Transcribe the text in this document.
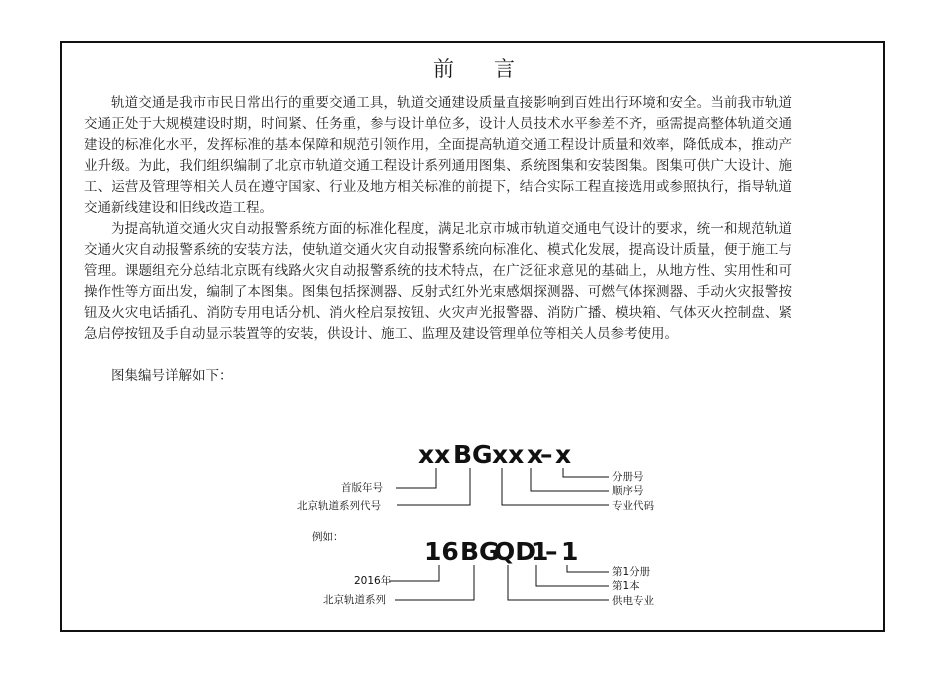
前 言

轨道交通是我市市民日常出行的重要交通工具，轨道交通建设质量直接影响到百姓出行环境和安全。当前我市轨道交通正处于大规模建设时期，时间紧、任务重，参与设计单位多，设计人员技术水平参差不齐，亟需提高整体轨道交通建设的标准化水平，发挥标准的基本保障和规范引领作用，全面提高轨道交通工程设计质量和效率，降低成本，推动产业升级。为此，我们组织编制了北京市轨道交通工程设计系列通用图集、系统图集和安装图集。图集可供广大设计、施工、运营及管理等相关人员在遵守国家、行业及地方相关标准的前提下，结合实际工程直接选用或参照执行，指导轨道交通新线建设和旧线改造工程。

为提高轨道交通火灾自动报警系统方面的标准化程度，满足北京市城市轨道交通电气设计的要求，统一和规范轨道交通火灾自动报警系统的安装方法，使轨道交通火灾自动报警系统向标准化、模式化发展，提高设计质量，便于施工与管理。课题组充分总结北京既有线路火灾自动报警系统的技术特点，在广泛征求意见的基础上，从地方性、实用性和可操作性等方面出发，编制了本图集。图集包括探测器、反射式红外光束感烟探测器、可燃气体探测器、手动火灾报警按钮及火灾电话插孔、消防专用电话分机、消火栓启泵按钮、火灾声光报警器、消防广播、模块箱、气体灭火控制盘、紧急启停按钮及手自动显示装置等的安装，供设计、施工、监理及建设管理单位等相关人员参考使用。

图集编号详解如下：

xx BG xx x
– x
首版年号
北京轨道系列代号
分册号
顺序号
专业代码
例如：	16 BG
QD
1
– 1
2016年
北京轨道系列
第1分册
第1本
供电专业
